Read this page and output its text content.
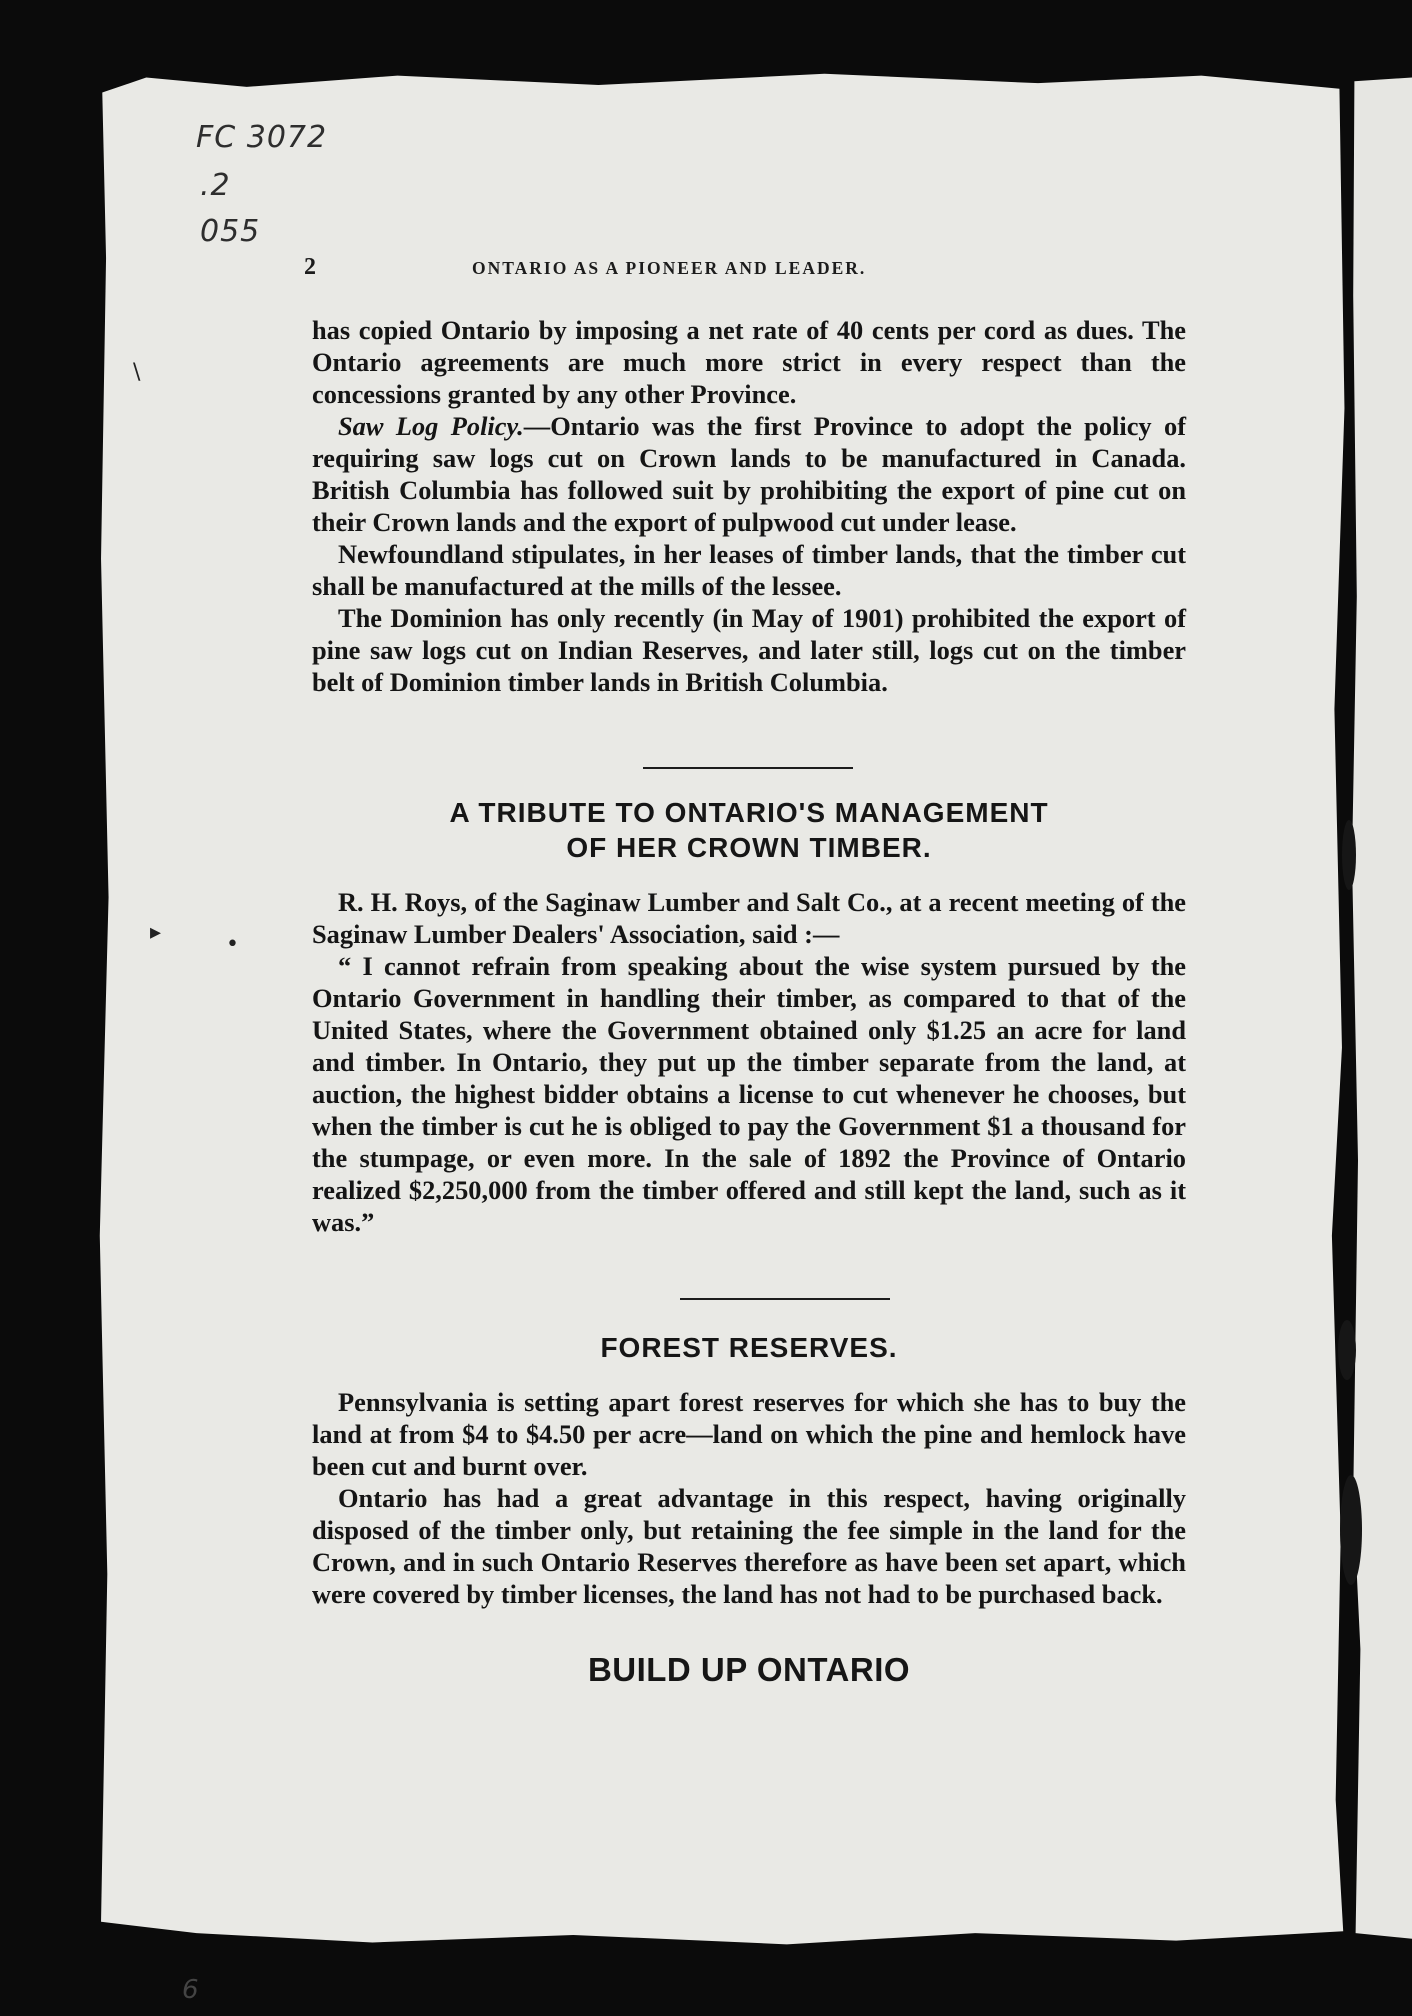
FC 3072
.2
055
\
▸	•
2	ONTARIO AS A PIONEER AND LEADER.

has copied Ontario by imposing a net rate of 40 cents per cord as dues. The Ontario agreements are much more strict in every respect than the concessions granted by any other Province.

Saw Log Policy.—Ontario was the first Province to adopt the policy of requiring saw logs cut on Crown lands to be manufactured in Canada. British Columbia has followed suit by prohibiting the export of pine cut on their Crown lands and the export of pulpwood cut under lease.

Newfoundland stipulates, in her leases of timber lands, that the timber cut shall be manufactured at the mills of the lessee.

The Dominion has only recently (in May of 1901) prohibited the export of pine saw logs cut on Indian Reserves, and later still, logs cut on the timber belt of Dominion timber lands in British Columbia.

A TRIBUTE TO ONTARIO'S MANAGEMENT
OF HER CROWN TIMBER.

R. H. Roys, of the Saginaw Lumber and Salt Co., at a recent meeting of the Saginaw Lumber Dealers' Association, said :—

“ I cannot refrain from speaking about the wise system pursued by the Ontario Government in handling their timber, as compared to that of the United States, where the Government obtained only $1.25 an acre for land and timber. In Ontario, they put up the timber separate from the land, at auction, the highest bidder obtains a license to cut whenever he chooses, but when the timber is cut he is obliged to pay the Government $1 a thousand for the stumpage, or even more. In the sale of 1892 the Province of Ontario realized $2,250,000 from the timber offered and still kept the land, such as it was.”

FOREST RESERVES.

Pennsylvania is setting apart forest reserves for which she has to buy the land at from $4 to $4.50 per acre—land on which the pine and hemlock have been cut and burnt over.

Ontario has had a great advantage in this respect, having originally disposed of the timber only, but retaining the fee simple in the land for the Crown, and in such Ontario Reserves therefore as have been set apart, which were covered by timber licenses, the land has not had to be purchased back.

BUILD UP ONTARIO
6
